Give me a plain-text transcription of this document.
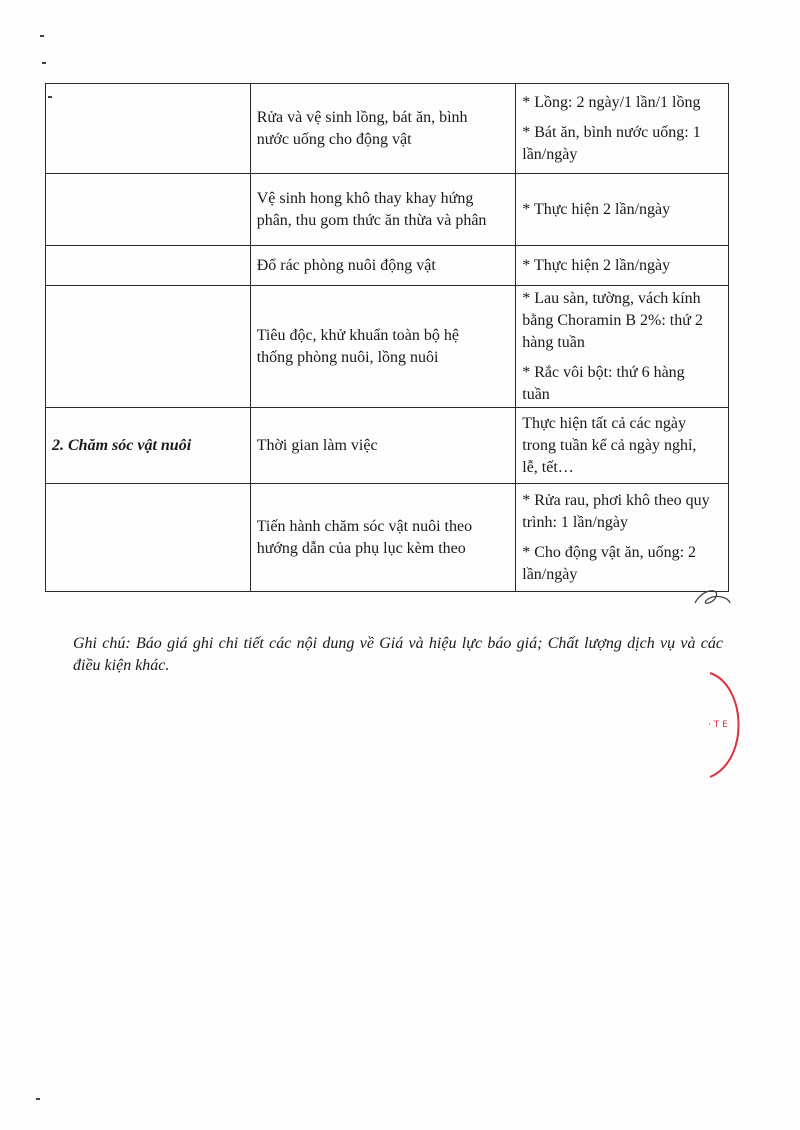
	Rửa và vệ sinh lồng, bát ăn, bình
nước uống cho động vật	* Lồng: 2 ngày/1 lần/1 lồng
* Bát ăn, bình nước uống: 1
lần/ngày

	Vệ sinh hong khô thay khay hứng
phân, thu gom thức ăn thừa và phân	* Thực hiện 2 lần/ngày

	Đổ rác phòng nuôi động vật	* Thực hiện 2 lần/ngày

	Tiêu độc, khử khuẩn toàn bộ hệ
thống phòng nuôi, lồng nuôi	* Lau sàn, tường, vách kính
bằng Choramin B 2%: thứ 2
hàng tuần
* Rắc vôi bột: thứ 6 hàng
tuần

2. Chăm sóc vật nuôi	Thời gian làm việc	Thực hiện tất cả các ngày
trong tuần kể cả ngày nghỉ,
lễ, tết…

	Tiến hành chăm sóc vật nuôi theo
hướng dẫn của phụ lục kèm theo	* Rửa rau, phơi khô theo quy
trình: 1 lần/ngày
* Cho động vật ăn, uống: 2
lần/ngày
Ghi chú: Báo giá ghi chi tiết các nội dung về Giá và hiệu lực báo giá; Chất lượng dịch vụ và các điều kiện khác.
· T E
